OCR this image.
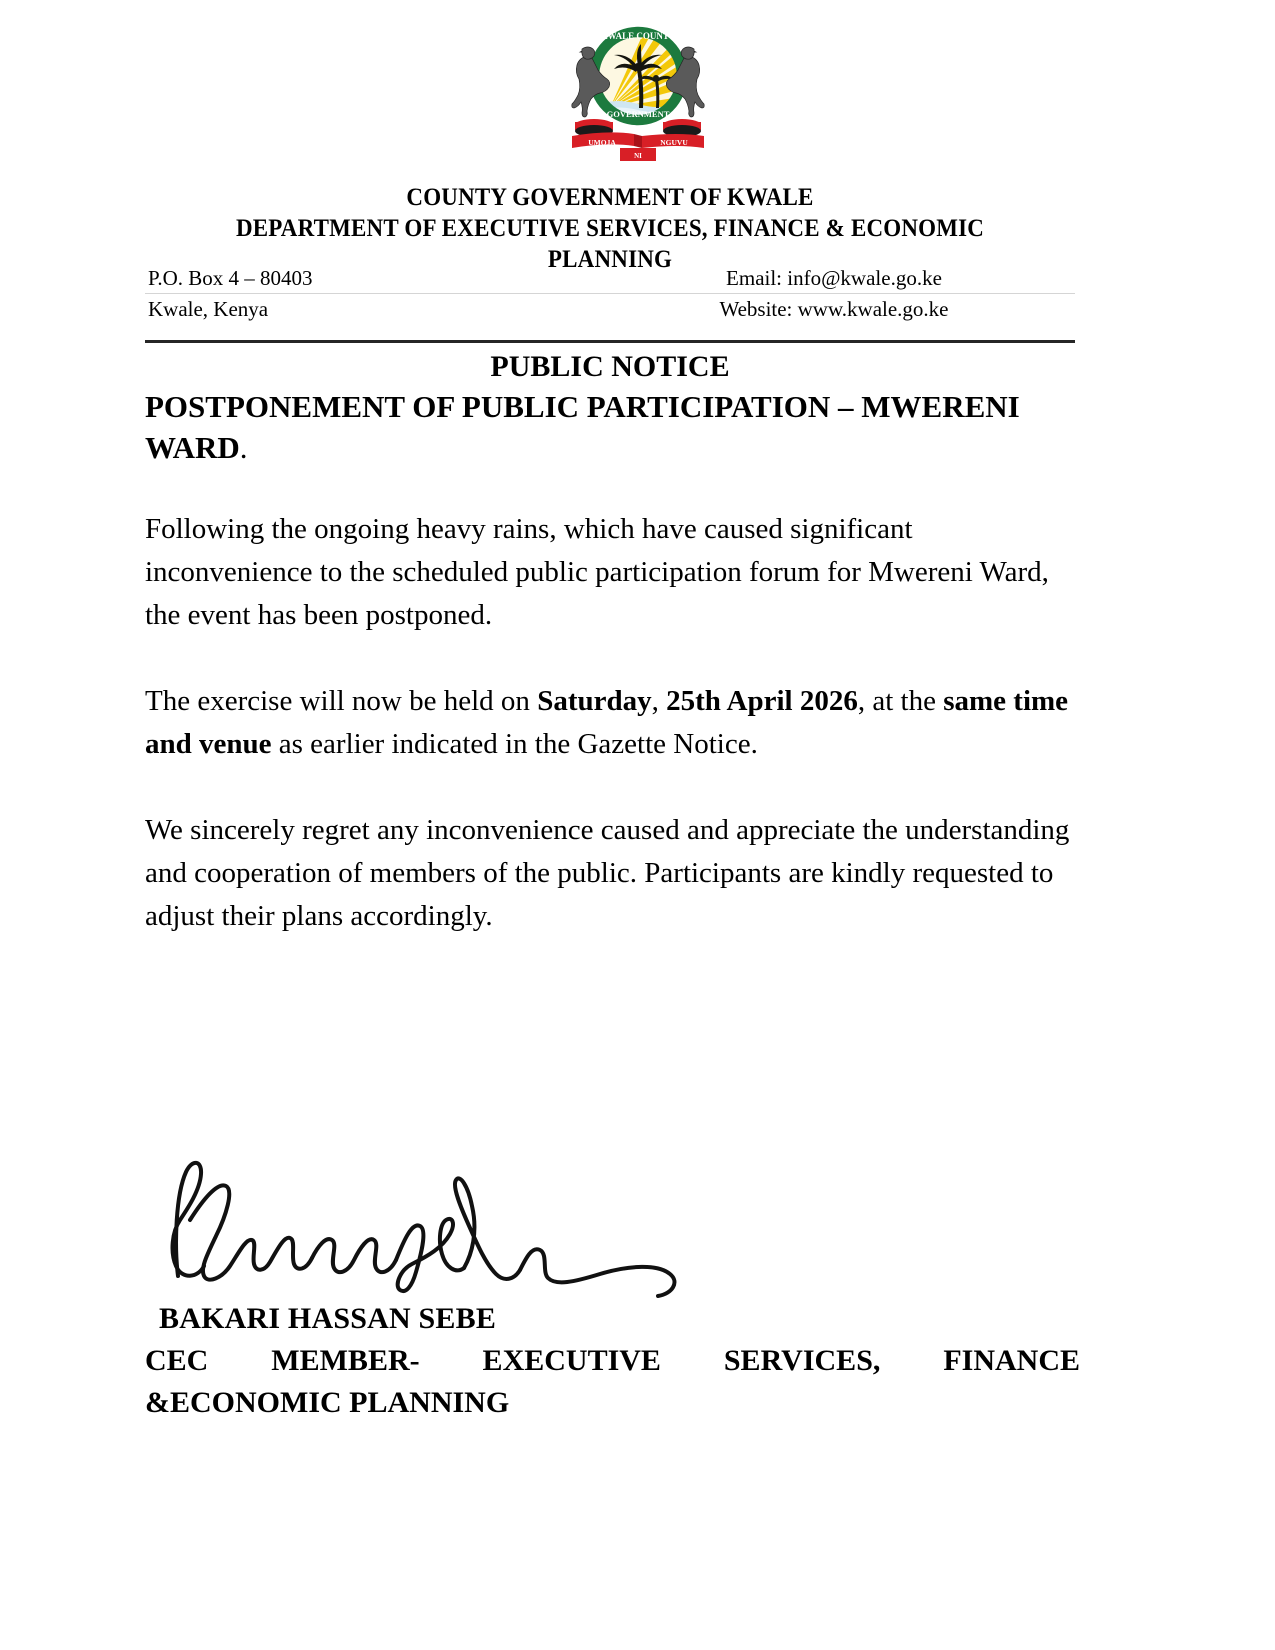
KWALE COUNTY
GOVERNMENT
UMOJA	NGUVU
NI
COUNTY GOVERNMENT OF KWALE
DEPARTMENT OF EXECUTIVE SERVICES, FINANCE & ECONOMIC PLANNING
P.O. Box 4 – 80403	Email: info@kwale.go.ke
Kwale, Kenya	Website: www.kwale.go.ke
PUBLIC NOTICE
POSTPONEMENT OF PUBLIC PARTICIPATION – MWERENI WARD.

Following the ongoing heavy rains, which have caused significant inconvenience to the scheduled public participation forum for Mwereni Ward, the event has been postponed.

The exercise will now be held on Saturday, 25th April 2026, at the same time and venue as earlier indicated in the Gazette Notice.

We sincerely regret any inconvenience caused and appreciate the understanding and cooperation of members of the public. Participants are kindly requested to adjust their plans accordingly.

BAKARI HASSAN SEBE
CEC MEMBER- EXECUTIVE SERVICES, FINANCE
&ECONOMIC PLANNING
